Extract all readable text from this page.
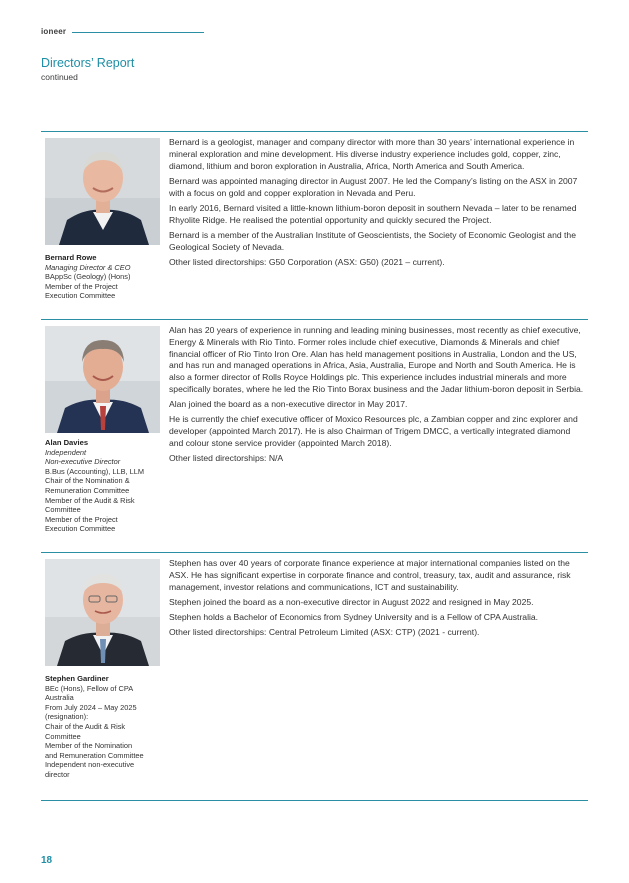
ioneer
Directors’ Report
continued
Bernard Rowe
Managing Director & CEO
BAppSc (Geology) (Hons)
Member of the Project
Execution Committee

Bernard is a geologist, manager and company director with more than 30 years’ international experience in mineral exploration and mine development. His diverse industry experience includes gold, copper, zinc, diamond, lithium and boron exploration in Australia, Africa, North America and South America.

Bernard was appointed managing director in August 2007. He led the Company’s listing on the ASX in 2007 with a focus on gold and copper exploration in Nevada and Peru.

In early 2016, Bernard visited a little-known lithium-boron deposit in southern Nevada – later to be renamed Rhyolite Ridge. He realised the potential opportunity and quickly secured the Project.

Bernard is a member of the Australian Institute of Geoscientists, the Society of Economic Geologist and the Geological Society of Nevada.

Other listed directorships: G50 Corporation (ASX: G50) (2021 – current).

Alan Davies
Independent
Non-executive Director
B.Bus (Accounting), LLB, LLM
Chair of the Nomination &
Remuneration Committee
Member of the Audit & Risk
Committee
Member of the Project
Execution Committee

Alan has 20 years of experience in running and leading mining businesses, most recently as chief executive, Energy & Minerals with Rio Tinto. Former roles include chief executive, Diamonds & Minerals and chief financial officer of Rio Tinto Iron Ore. Alan has held management positions in Australia, London and the US, and has run and managed operations in Africa, Asia, Australia, Europe and North and South America. He is also a former director of Rolls Royce Holdings plc. This experience includes industrial minerals and more specifically borates, where he led the Rio Tinto Borax business and the Jadar lithium-boron deposit in Serbia.

Alan joined the board as a non-executive director in May 2017.

He is currently the chief executive officer of Moxico Resources plc, a Zambian copper and zinc explorer and developer (appointed March 2017). He is also Chairman of Trigem DMCC, a vertically integrated diamond and colour stone service provider (appointed March 2018).

Other listed directorships: N/A

Stephen Gardiner
BEc (Hons), Fellow of CPA
Australia
From July 2024 – May 2025
(resignation):
Chair of the Audit & Risk
Committee
Member of the Nomination
and Remuneration Committee
Independent non-executive
director

Stephen has over 40 years of corporate finance experience at major international companies listed on the ASX. He has significant expertise in corporate finance and control, treasury, tax, audit and assurance, risk management, investor relations and communications, ICT and sustainability.

Stephen joined the board as a non-executive director in August 2022 and resigned in May 2025.

Stephen holds a Bachelor of Economics from Sydney University and is a Fellow of CPA Australia.

Other listed directorships: Central Petroleum Limited (ASX: CTP) (2021 - current).

18
